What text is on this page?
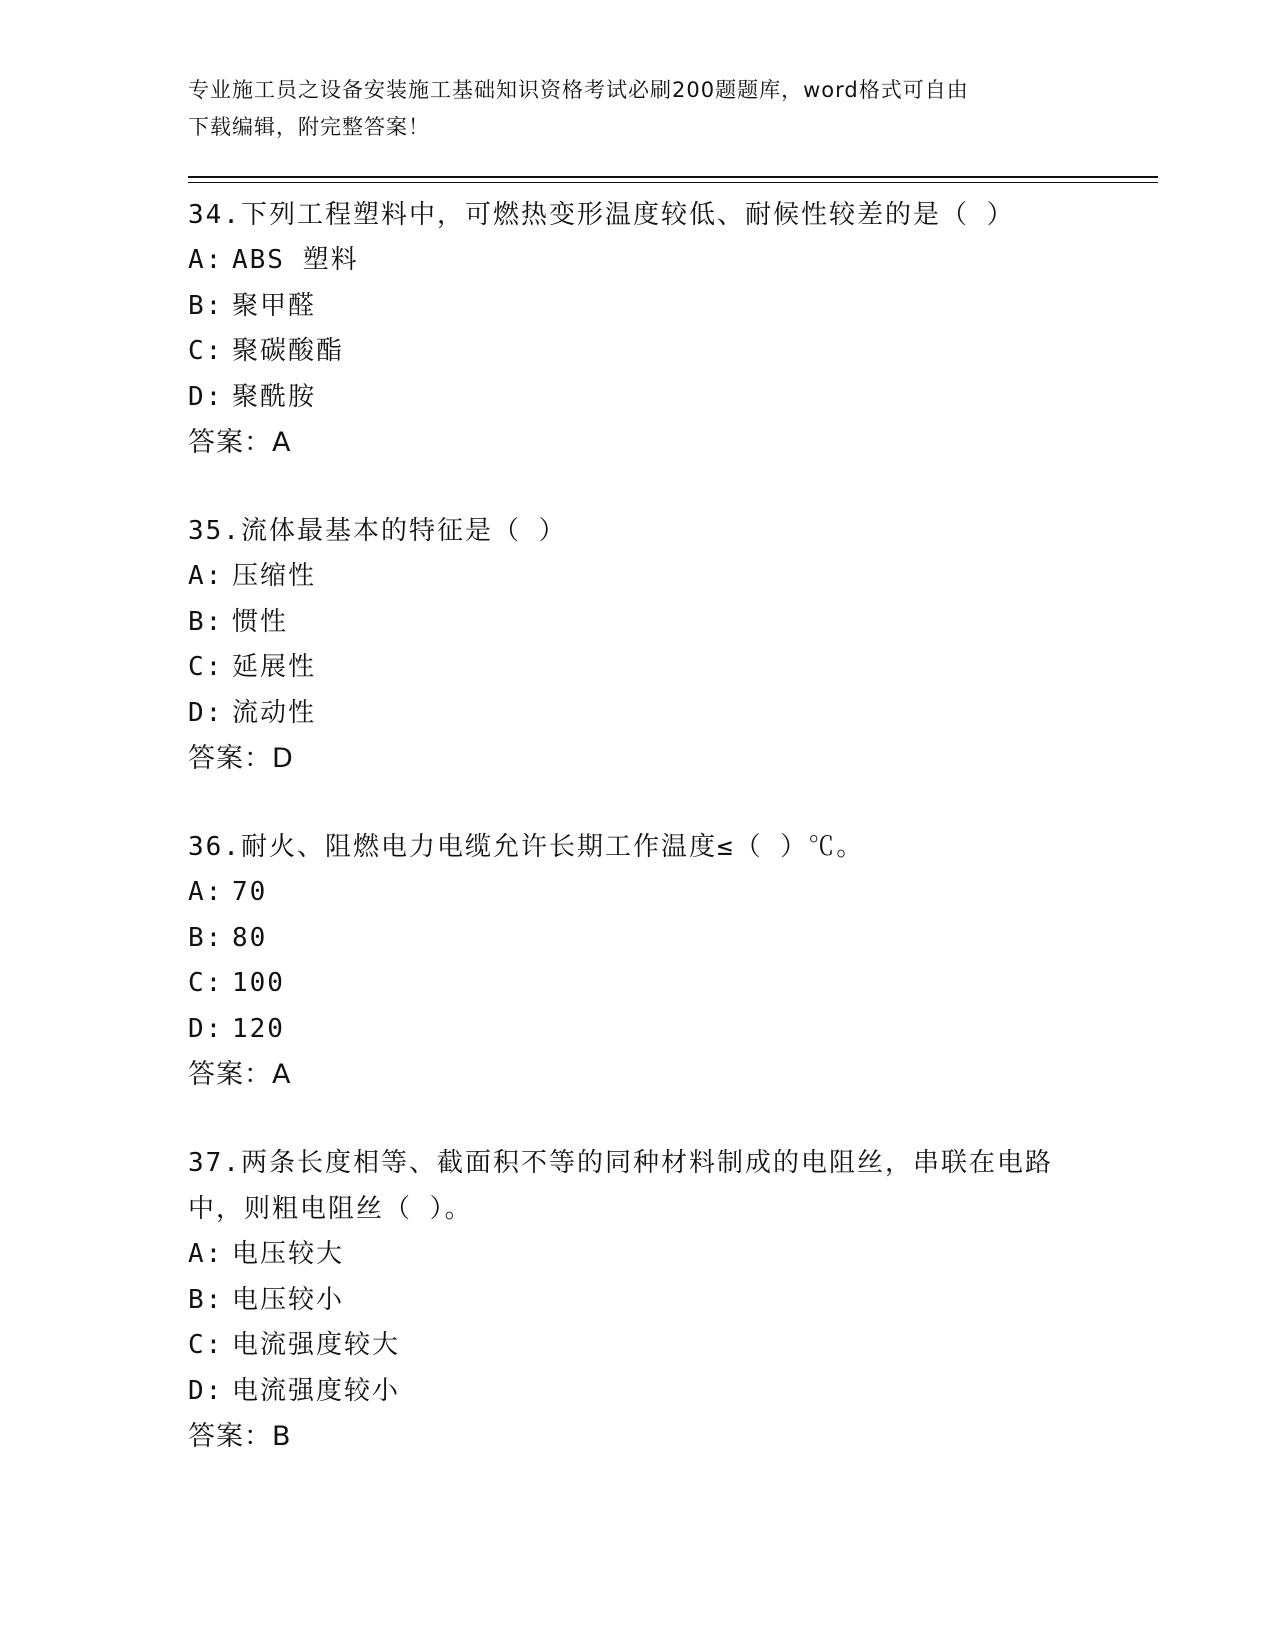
专业施工员之设备安装施工基础知识资格考试必刷200题题库，word格式可自由
下载编辑，附完整答案！
34.下列工程塑料中，可燃热变形温度较低、耐候性较差的是（ ）
A: ABS 塑料
B: 聚甲醛
C: 聚碳酸酯
D: 聚酰胺
答案：A
35.流体最基本的特征是（ ）
A: 压缩性
B: 惯性
C: 延展性
D: 流动性
答案：D
36.耐火、阻燃电力电缆允许长期工作温度≤（ ）℃。
A: 70
B: 80
C: 100
D: 120
答案：A
37.两条长度相等、截面积不等的同种材料制成的电阻丝，串联在电路
中，则粗电阻丝（ ）。
A: 电压较大
B: 电压较小
C: 电流强度较大
D: 电流强度较小
答案：B
